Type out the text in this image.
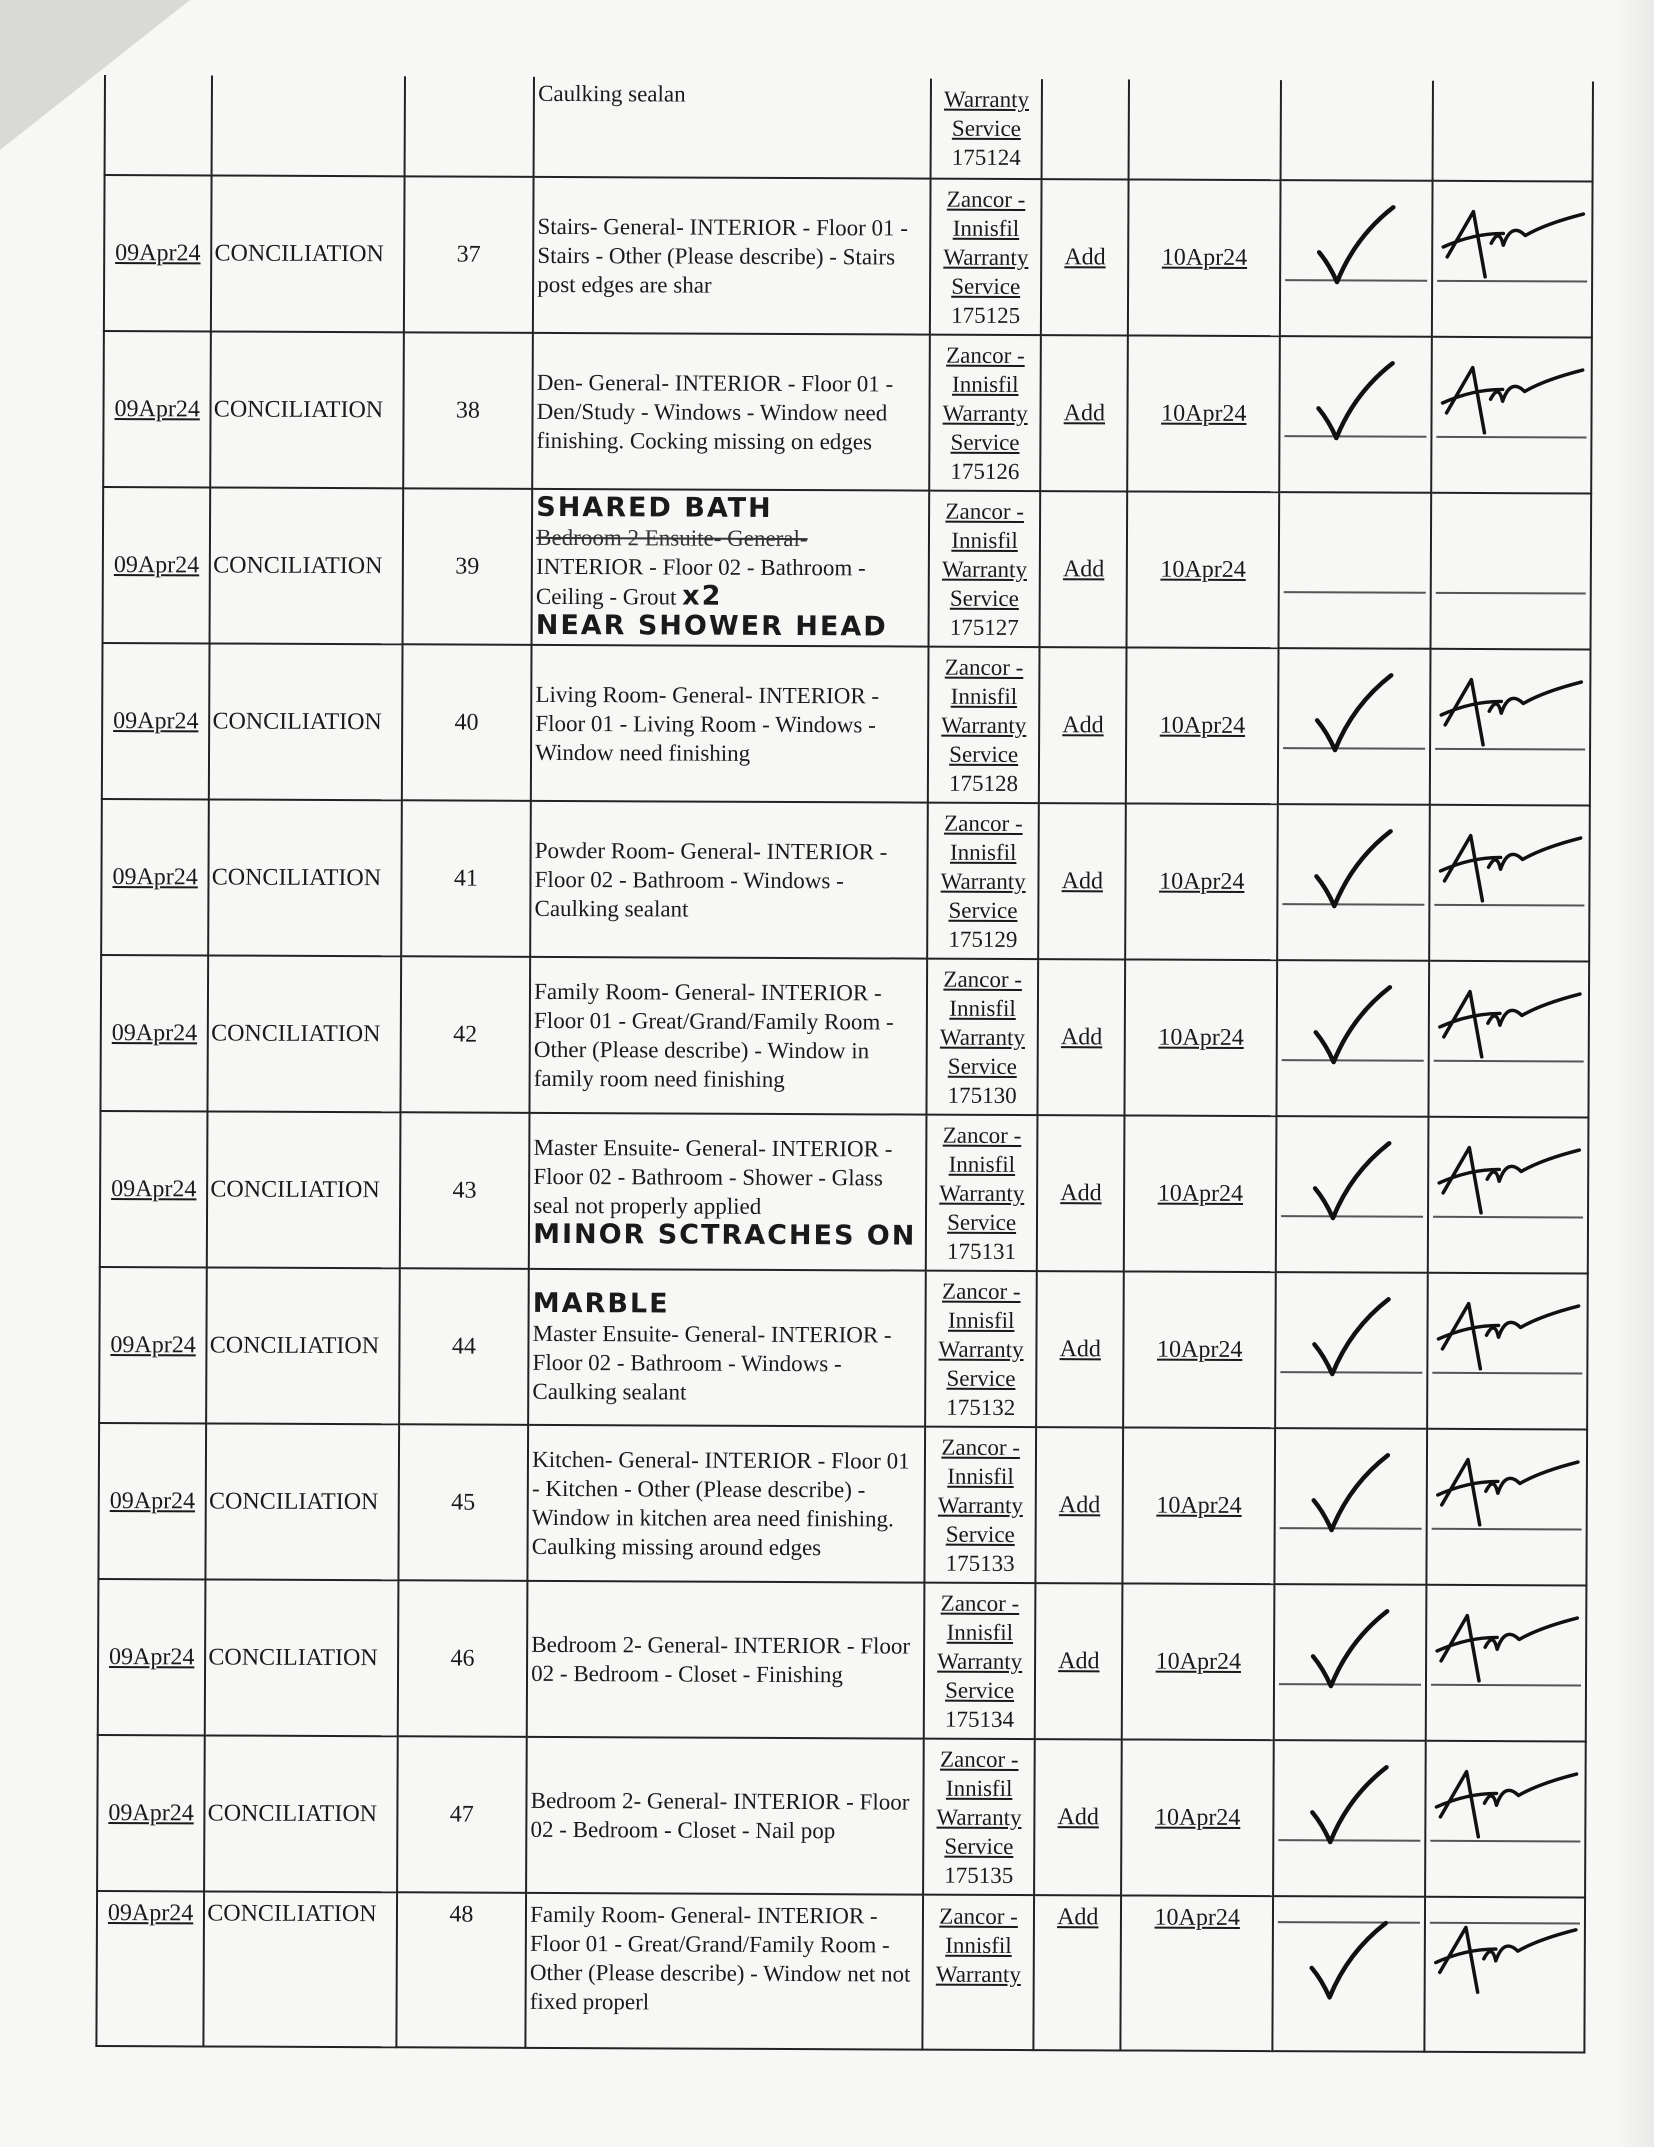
			Caulking sealan	Warranty
Service
175124				
09Apr24	CONCILIATION	37	Stairs- General- INTERIOR - Floor 01 - Stairs - Other (Please describe) - Stairs post edges are shar	Zancor -
Innisfil
Warranty
Service
175125	Add	10Apr24	

09Apr24	CONCILIATION	38	Den- General- INTERIOR - Floor 01 - Den/Study - Windows - Window need finishing. Cocking missing on edges	Zancor -
Innisfil
Warranty
Service
175126	Add	10Apr24	

09Apr24	CONCILIATION	39	SHARED BATH
Bedroom 2 Ensuite- General-
INTERIOR - Floor 02 - Bathroom - Ceiling - Grout x2
NEAR SHOWER HEAD	Zancor -
Innisfil
Warranty
Service
175127	Add	10Apr24	

09Apr24	CONCILIATION	40	Living Room- General- INTERIOR - Floor 01 - Living Room - Windows - Window need finishing	Zancor -
Innisfil
Warranty
Service
175128	Add	10Apr24	

09Apr24	CONCILIATION	41	Powder Room- General- INTERIOR - Floor 02 - Bathroom - Windows - Caulking sealant	Zancor -
Innisfil
Warranty
Service
175129	Add	10Apr24	

09Apr24	CONCILIATION	42	Family Room- General- INTERIOR - Floor 01 - Great/Grand/Family Room - Other (Please describe) - Window in family room need finishing	Zancor -
Innisfil
Warranty
Service
175130	Add	10Apr24	

09Apr24	CONCILIATION	43	Master Ensuite- General- INTERIOR - Floor 02 - Bathroom - Shower - Glass seal not properly applied
MINOR SCTRACHES ON	Zancor -
Innisfil
Warranty
Service
175131	Add	10Apr24	

09Apr24	CONCILIATION	44	MARBLE
Master Ensuite- General- INTERIOR - Floor 02 - Bathroom - Windows - Caulking sealant	Zancor -
Innisfil
Warranty
Service
175132	Add	10Apr24	

09Apr24	CONCILIATION	45	Kitchen- General- INTERIOR - Floor 01 - Kitchen - Other (Please describe) - Window in kitchen area need finishing. Caulking missing around edges	Zancor -
Innisfil
Warranty
Service
175133	Add	10Apr24	

09Apr24	CONCILIATION	46	Bedroom 2- General- INTERIOR - Floor 02 - Bedroom - Closet - Finishing	Zancor -
Innisfil
Warranty
Service
175134	Add	10Apr24	

09Apr24	CONCILIATION	47	Bedroom 2- General- INTERIOR - Floor 02 - Bedroom - Closet - Nail pop	Zancor -
Innisfil
Warranty
Service
175135	Add	10Apr24	

09Apr24	CONCILIATION	48	Family Room- General- INTERIOR - Floor 01 - Great/Grand/Family Room - Other (Please describe) - Window net not fixed properl	Zancor -
Innisfil
Warranty	Add	10Apr24	
